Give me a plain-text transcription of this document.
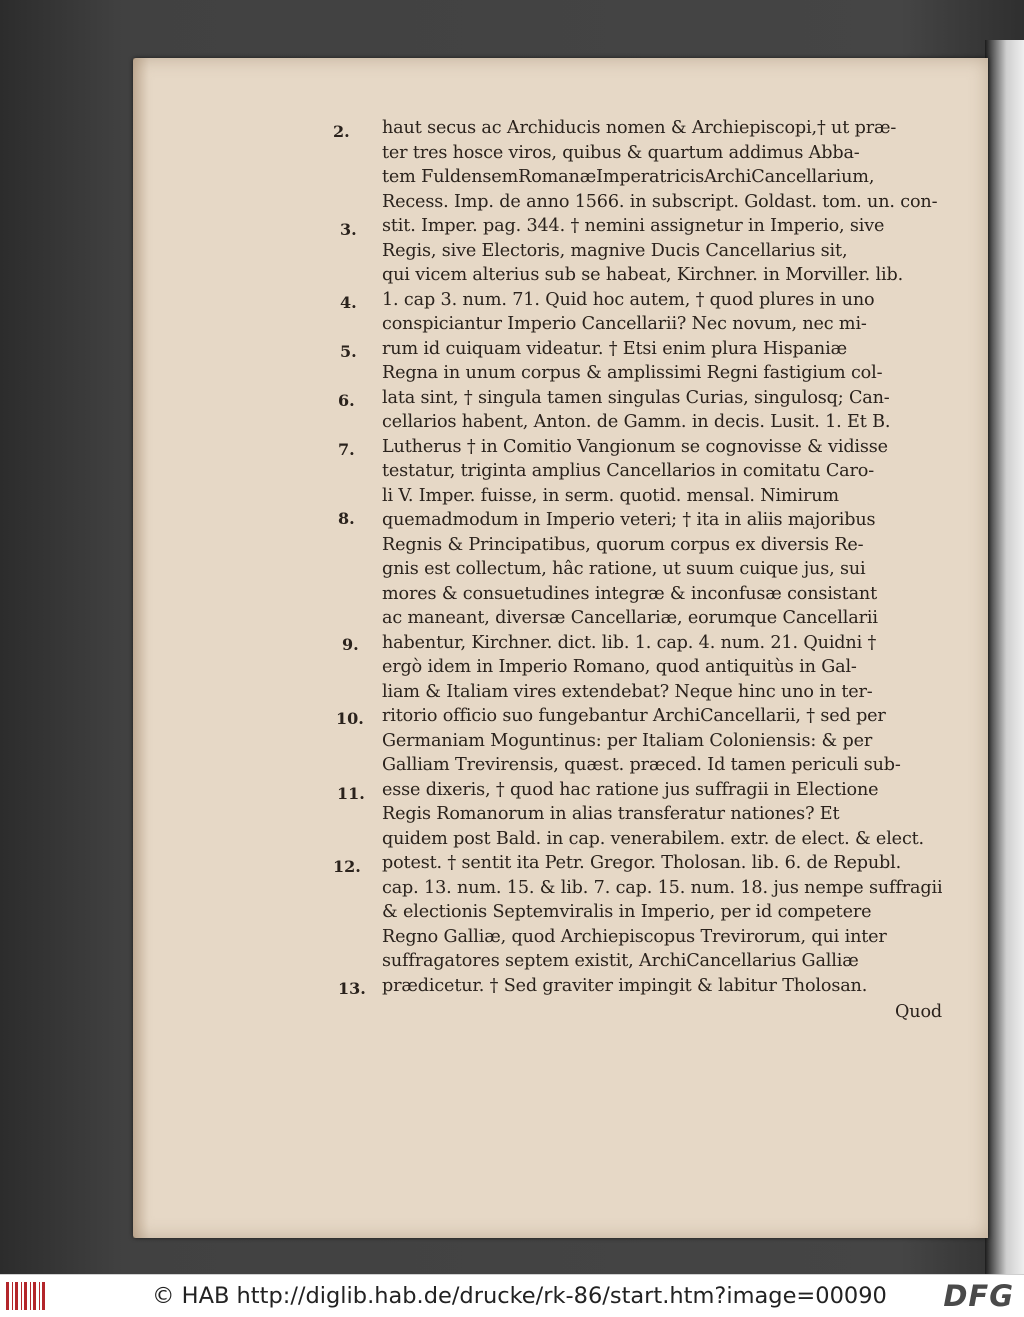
haut secus ac Archiducis nomen & Archiepiscopi,† ut præ-
ter tres hosce viros, quibus & quartum addimus Abba-
tem FuldensemRomanæImperatricisArchiCancellarium,
Recess. Imp. de anno 1566. in subscript. Goldast. tom. un. con-
stit. Imper. pag. 344. † nemini assignetur in Imperio, sive
Regis, sive Electoris, magnive Ducis Cancellarius sit,
qui vicem alterius sub se habeat, Kirchner. in Morviller. lib.
1. cap 3. num. 71. Quid hoc autem, † quod plures in uno
conspiciantur Imperio Cancellarii? Nec novum, nec mi-
rum id cuiquam videatur. † Etsi enim plura Hispaniæ
Regna in unum corpus & amplissimi Regni fastigium col-
lata sint, † singula tamen singulas Curias, singulosq; Can-
cellarios habent, Anton. de Gamm. in decis. Lusit. 1. Et B.
Lutherus † in Comitio Vangionum se cognovisse & vidisse
testatur, triginta amplius Cancellarios in comitatu Caro-
li V. Imper. fuisse, in serm. quotid. mensal. Nimirum
quemadmodum in Imperio veteri; † ita in aliis majoribus
Regnis & Principatibus, quorum corpus ex diversis Re-
gnis est collectum, hâc ratione, ut suum cuique jus, sui
mores & consuetudines integræ & inconfusæ consistant
ac maneant, diversæ Cancellariæ, eorumque Cancellarii
habentur, Kirchner. dict. lib. 1. cap. 4. num. 21. Quidni †
ergò idem in Imperio Romano, quod antiquitùs in Gal-
liam & Italiam vires extendebat? Neque hinc uno in ter-
ritorio officio suo fungebantur ArchiCancellarii, † sed per
Germaniam Moguntinus: per Italiam Coloniensis: & per
Galliam Trevirensis, quæst. præced. Id tamen periculi sub-
esse dixeris, † quod hac ratione jus suffragii in Electione
Regis Romanorum in alias transferatur nationes? Et
quidem post Bald. in cap. venerabilem. extr. de elect. & elect.
potest. † sentit ita Petr. Gregor. Tholosan. lib. 6. de Republ.
cap. 13. num. 15. & lib. 7. cap. 15. num. 18. jus nempe suffragii
& electionis Septemviralis in Imperio, per id competere
Regno Galliæ, quod Archiepiscopus Trevirorum, qui inter
suffragatores septem existit, ArchiCancellarius Galliæ
prædicetur. † Sed graviter impingit & labitur Tholosan.
Quod
2.
3.
4.
5.
6.
7.
8.
9.
10.
11.
12.
13.
© HAB http://diglib.hab.de/drucke/rk-86/start.htm?image=00090 DFG
